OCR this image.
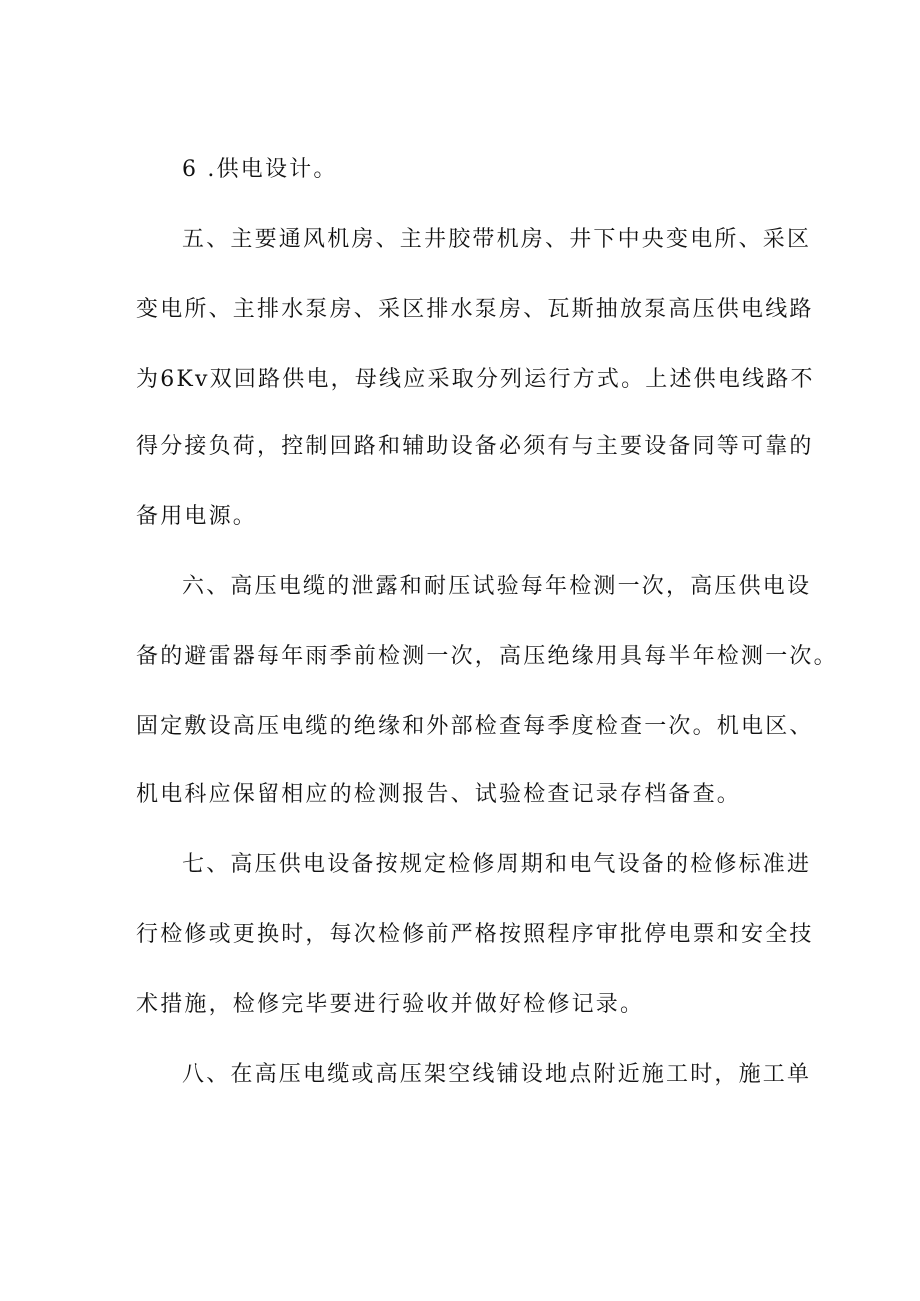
6 .供电设计。
五、主要通风机房、主井胶带机房、井下中央变电所、采区
变电所、主排水泵房、采区排水泵房、瓦斯抽放泵高压供电线路
为6Kv双回路供电，母线应采取分列运行方式。上述供电线路不
得分接负荷，控制回路和辅助设备必须有与主要设备同等可靠的
备用电源。
六、高压电缆的泄露和耐压试验每年检测一次，高压供电设
备的避雷器每年雨季前检测一次，高压绝缘用具每半年检测一次。
固定敷设高压电缆的绝缘和外部检查每季度检查一次。机电区、
机电科应保留相应的检测报告、试验检查记录存档备查。
七、高压供电设备按规定检修周期和电气设备的检修标准进
行检修或更换时，每次检修前严格按照程序审批停电票和安全技
术措施，检修完毕要进行验收并做好检修记录。
八、在高压电缆或高压架空线铺设地点附近施工时，施工单
